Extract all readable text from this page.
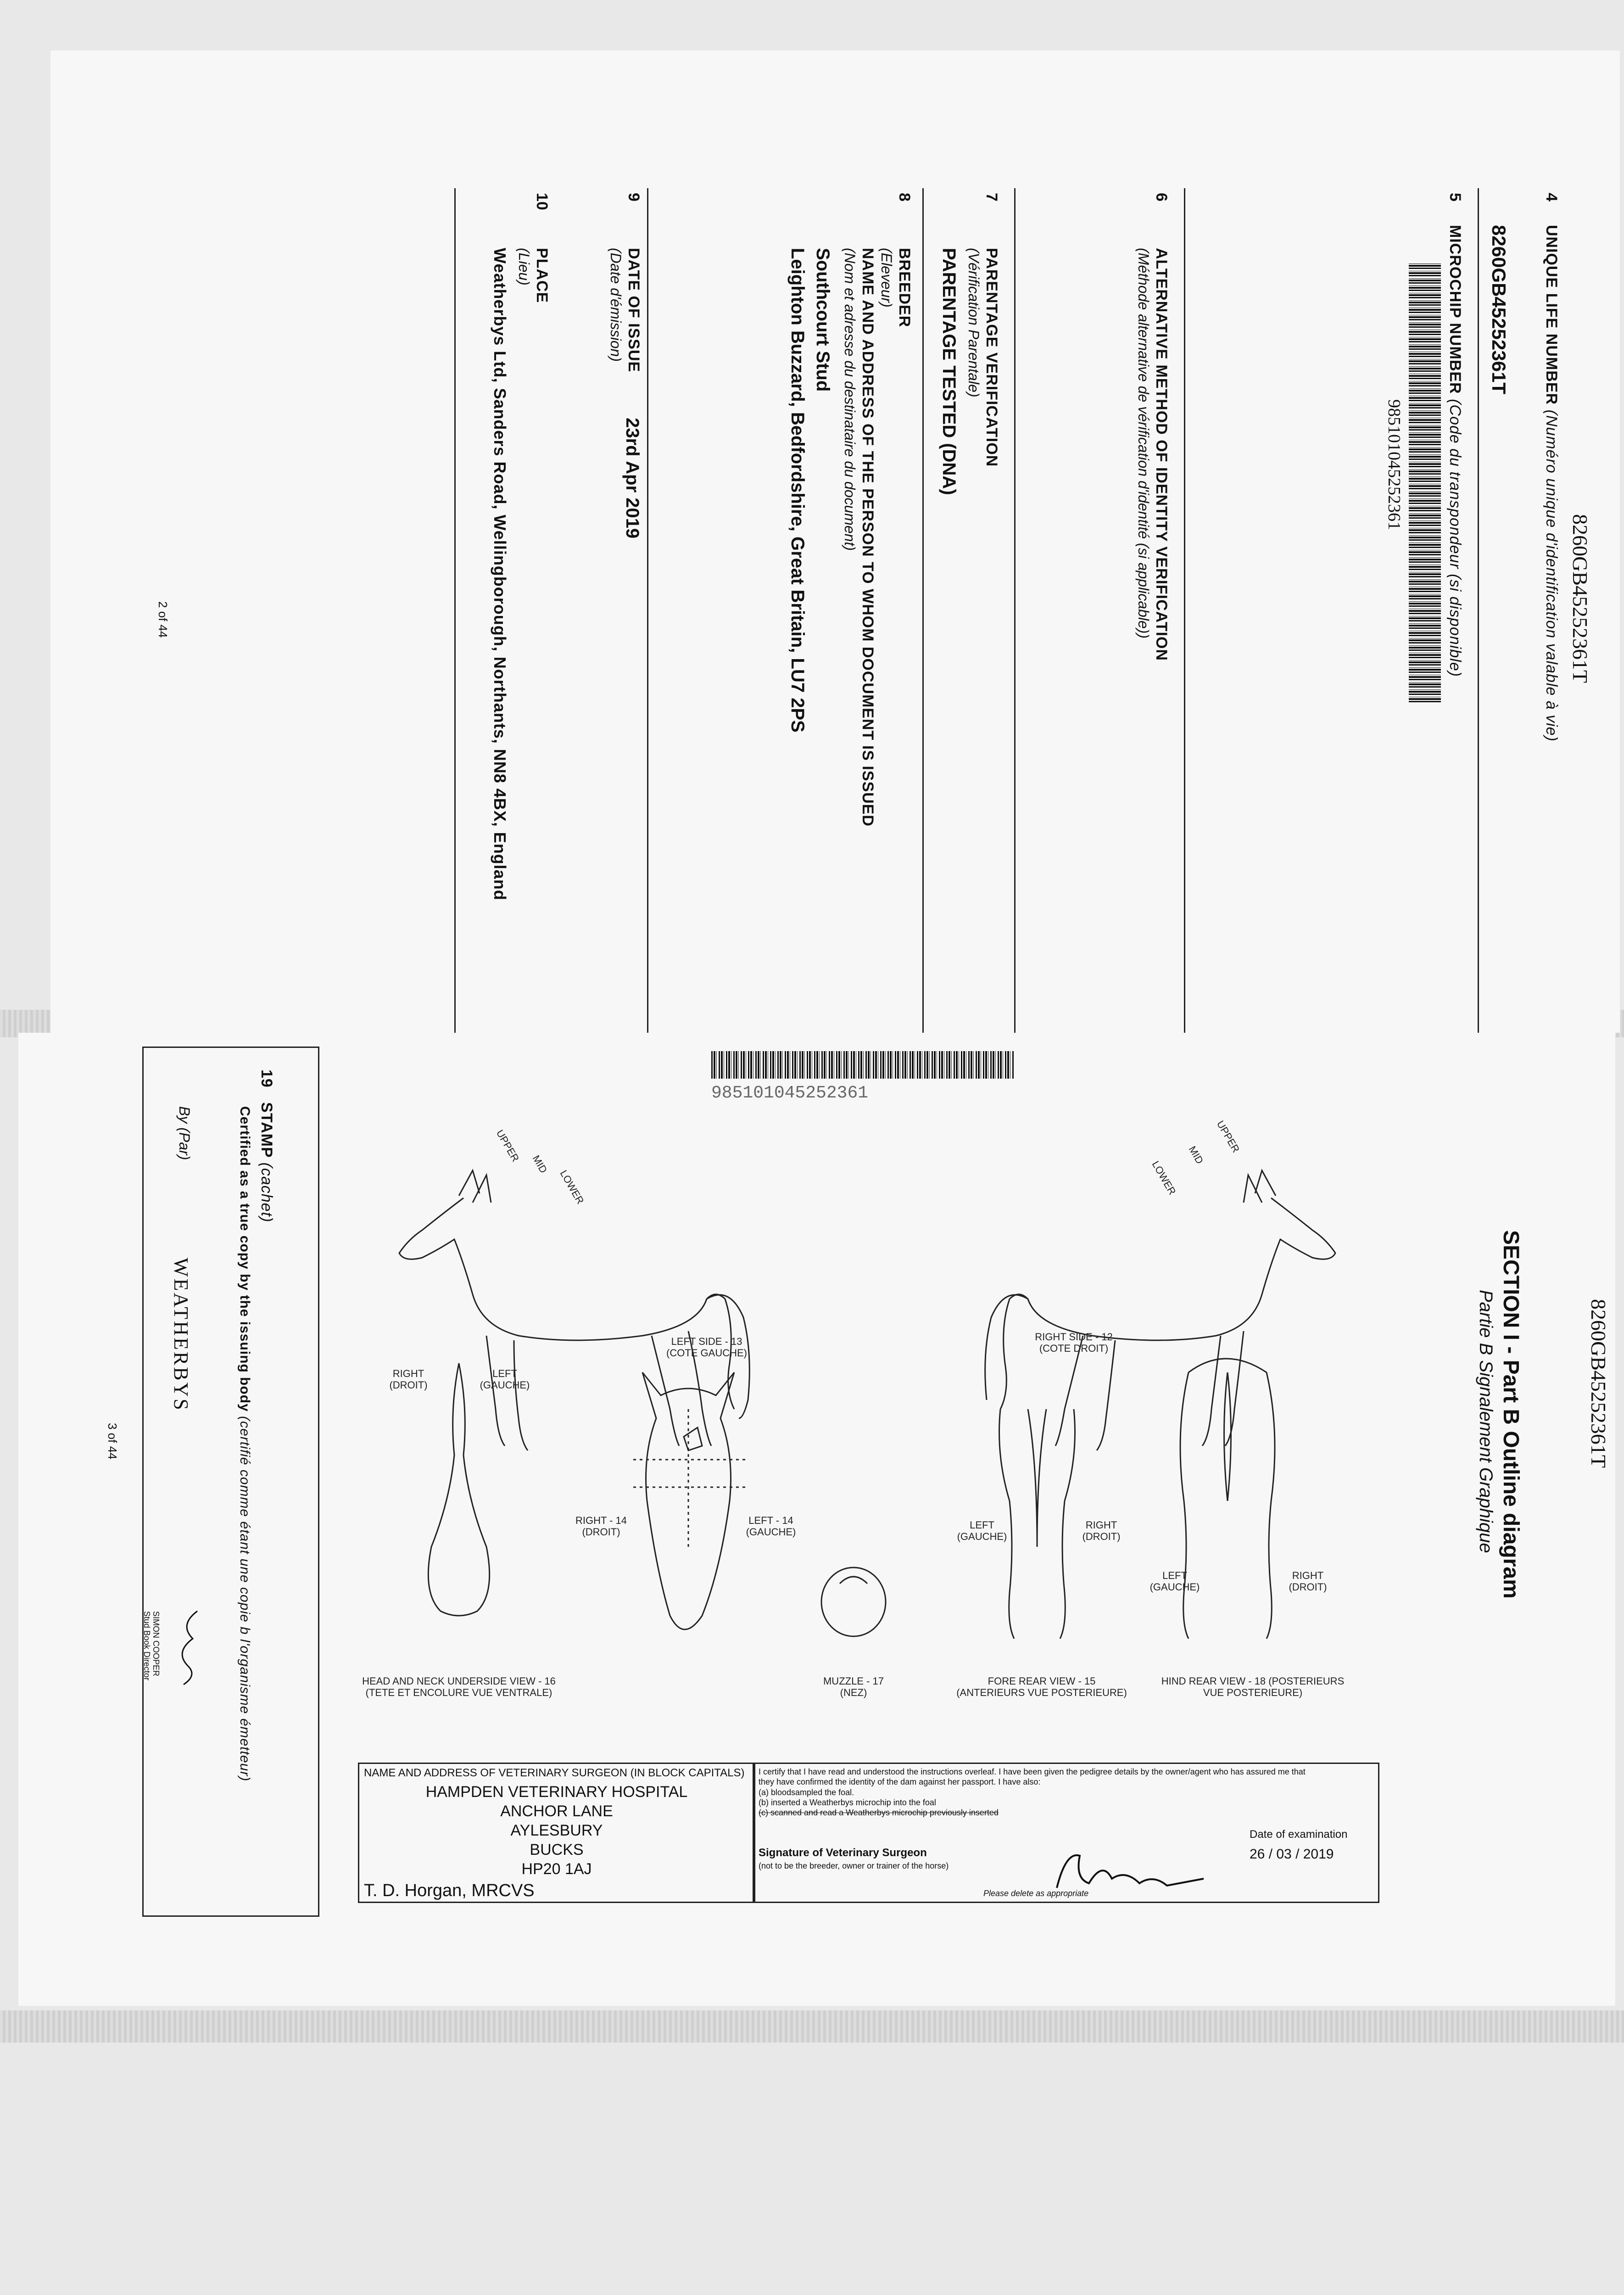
8260GB45252361T
4
UNIQUE LIFE NUMBER (Numéro unique d'identification valable à vie)
8260GB45252361T
5
MICROCHIP NUMBER (Code du transpondeur (si disponible)
985101045252361
6
ALTERNATIVE METHOD OF IDENTITY VERIFICATION
(Méthode alternative de vérification d'identité (si applicable))
7
PARENTAGE VERIFICATION
(Vérification Parentale)
PARENTAGE TESTED (DNA)
8
BREEDER
(Eleveur)
NAME AND ADDRESS OF THE PERSON TO WHOM DOCUMENT IS ISSUED
(Nom et adresse du destinataire du document)
Southcourt Stud
Leighton Buzzard, Bedfordshire, Great Britain, LU7 2PS
9
DATE OF ISSUE
(Date d'émission)
23rd Apr 2019
10
PLACE
(Lieu)
Weatherbys Ltd, Sanders Road, Wellingborough, Northants, NN8 4BX, England
2 of 44
8260GB45252361T
SECTION I - Part B Outline diagram
Partie B Signalement Graphique
985101045252361
UPPER
MID
LOWER
LEFT SIDE - 13
(COTE GAUCHE)
UPPER
MID
LOWER
RIGHT SIDE - 12
(COTE DROIT)
RIGHT
(DROIT)
LEFT
(GAUCHE)
HEAD AND NECK UNDERSIDE VIEW - 16
(TETE ET ENCOLURE VUE VENTRALE)
RIGHT - 14
(DROIT)
LEFT - 14
(GAUCHE)
MUZZLE - 17
(NEZ)
LEFT
(GAUCHE)
RIGHT
(DROIT)
FORE REAR VIEW - 15
(ANTERIEURS VUE POSTERIEURE)
LEFT
(GAUCHE)
RIGHT
(DROIT)
HIND REAR VIEW - 18 (POSTERIEURS
VUE POSTERIEURE)
NAME AND ADDRESS OF VETERINARY SURGEON (IN BLOCK CAPITALS)
HAMPDEN VETERINARY HOSPITAL
ANCHOR LANE
AYLESBURY
BUCKS
HP20 1AJ
T. D. Horgan, MRCVS
I certify that I have read and understood the instructions overleaf. I have been given the pedigree details by the owner/agent who has assured me that they have confirmed the identity of the dam against her passport. I have also:
(a) bloodsampled the foal.
(b) inserted a Weatherbys microchip into the foal
(c) scanned and read a Weatherbys microchip previously inserted
Signature of Veterinary Surgeon
(not to be the breeder, owner or trainer of the horse)
Please delete as appropriate
Date of examination
26 / 03 / 2019
19   STAMP (cachet)
Certified as a true copy by the issuing body (certifié comme étant une copie b l'organisme émetteur)
By (Par)
WEATHERBYS
SIMON COOPER
Stud Book Director
3 of 44
